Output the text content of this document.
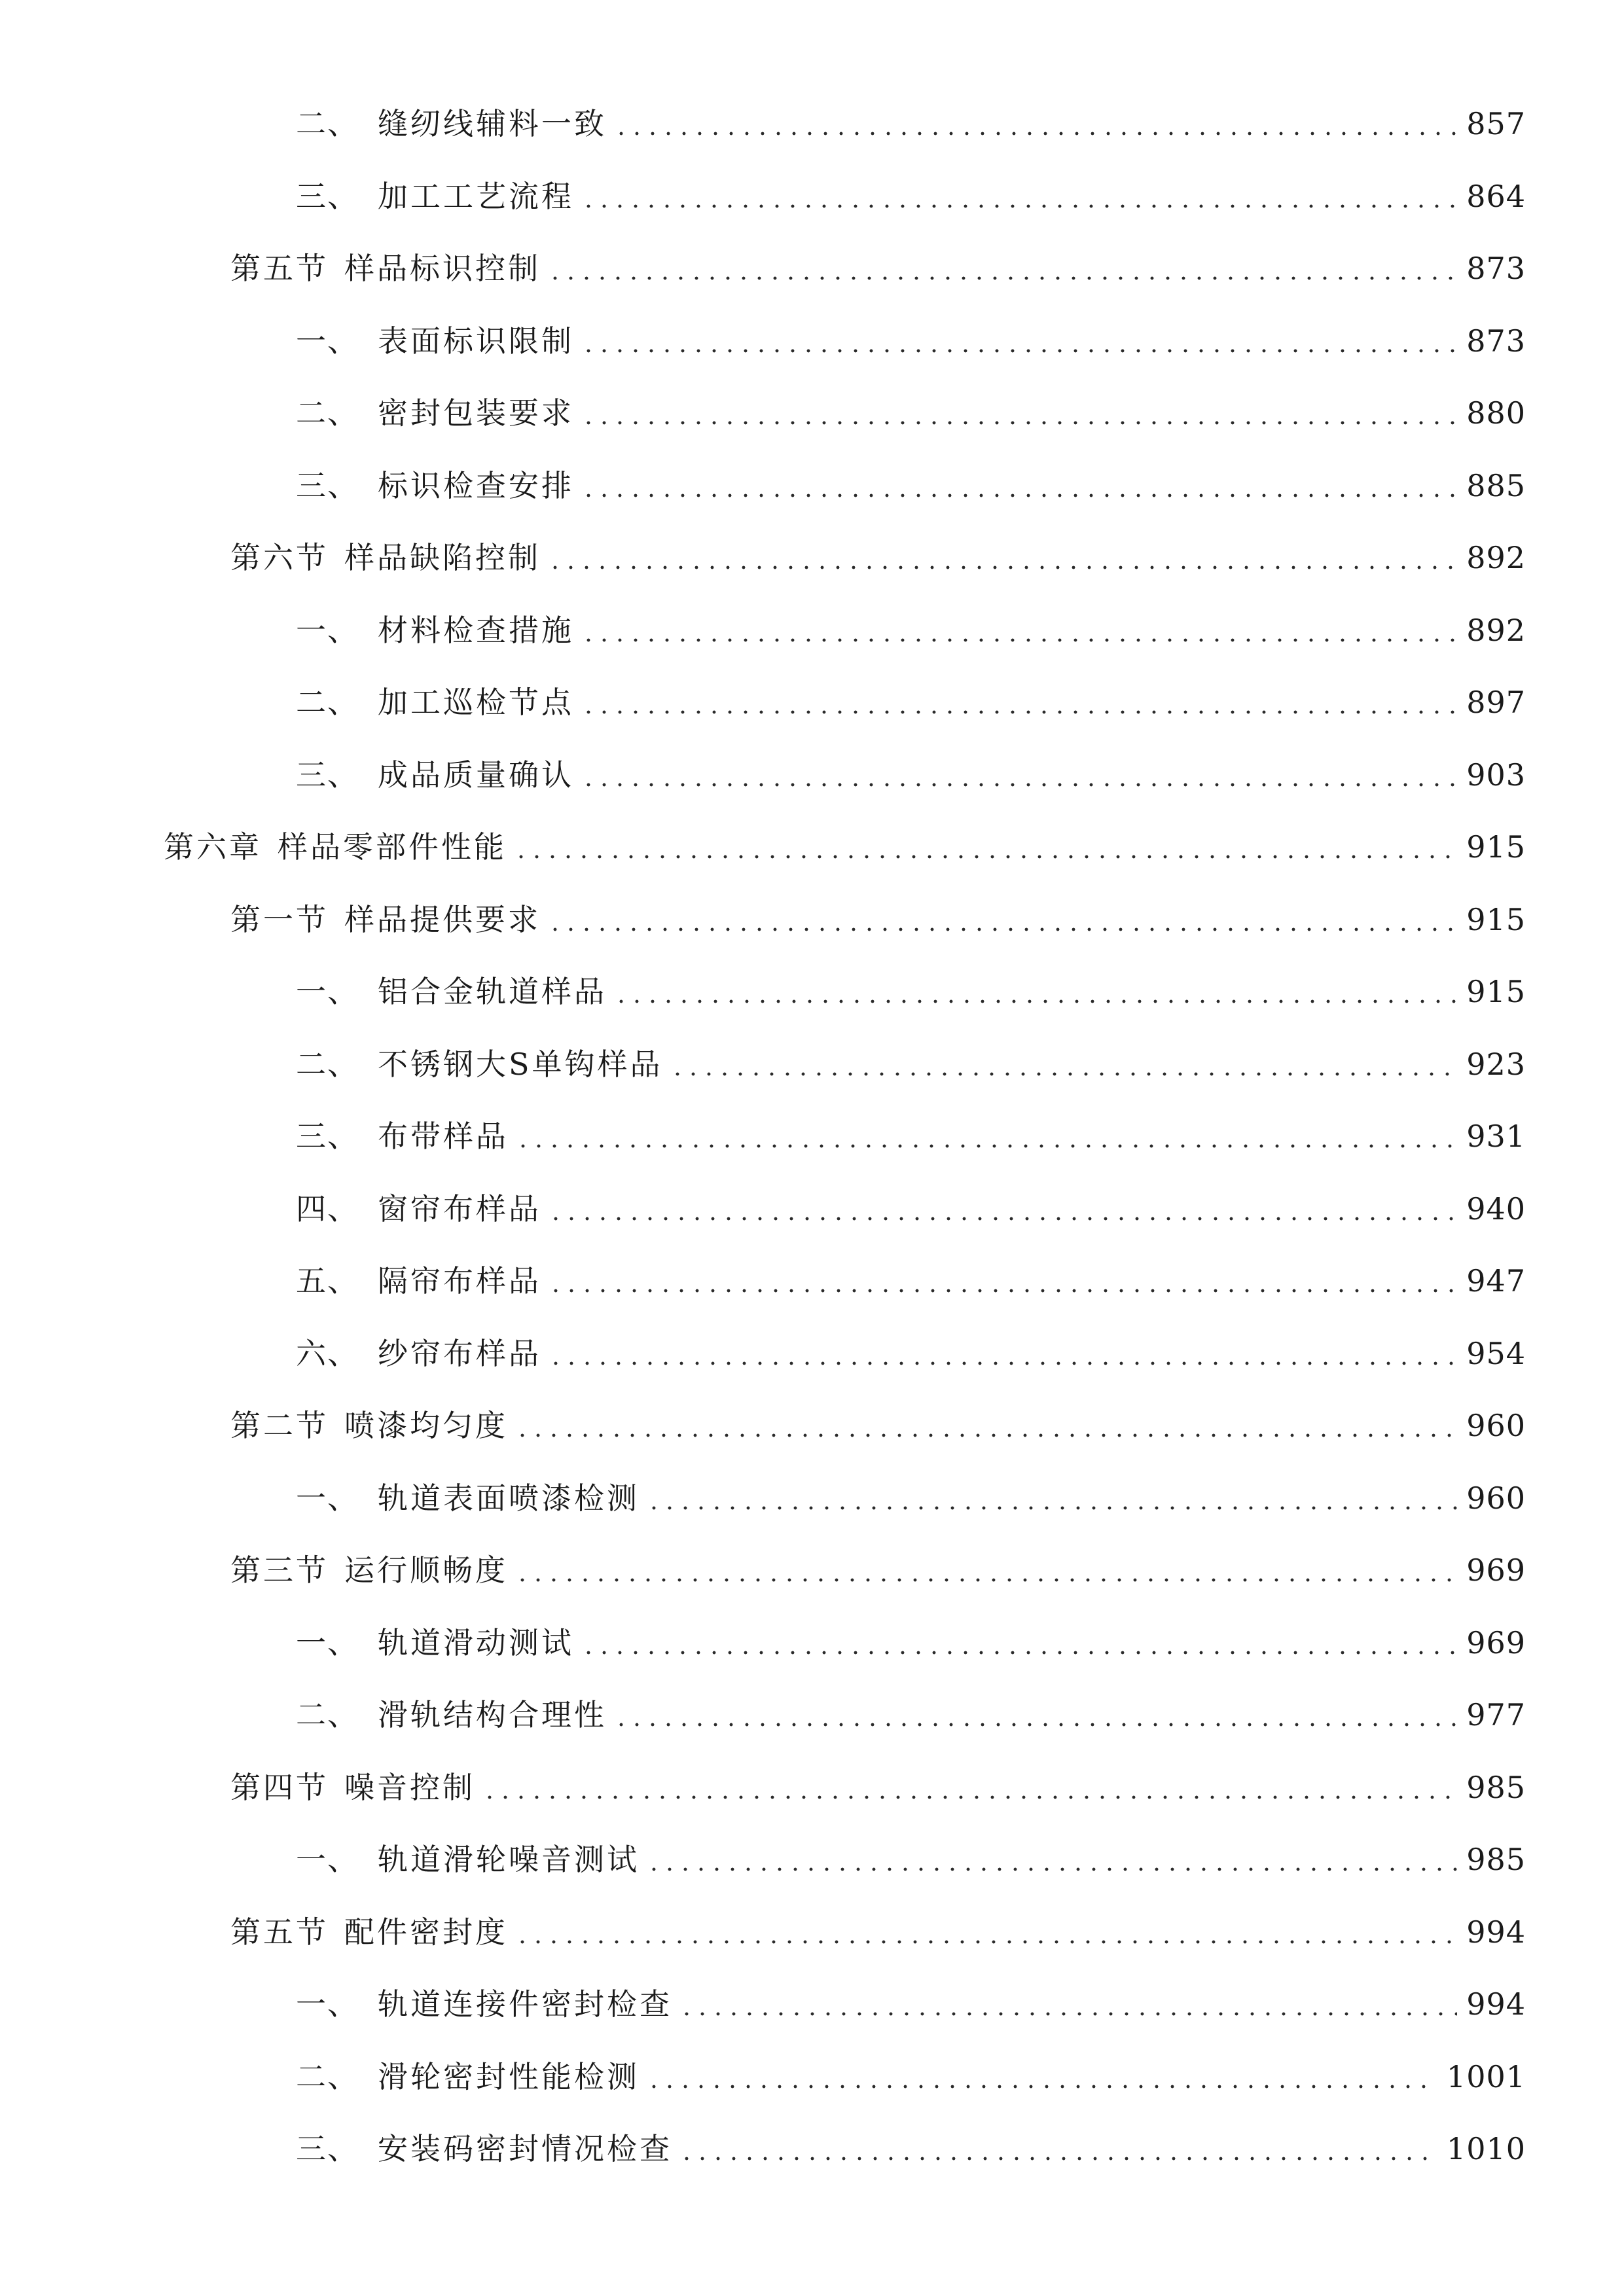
二、 缝纫线辅料一致	857
三、 加工工艺流程	864
第五节 样品标识控制	873
一、 表面标识限制	873
二、 密封包装要求	880
三、 标识检查安排	885
第六节 样品缺陷控制	892
一、 材料检查措施	892
二、 加工巡检节点	897
三、 成品质量确认	903
第六章 样品零部件性能	915
第一节 样品提供要求	915
一、 铝合金轨道样品	915
二、 不锈钢大S单钩样品	923
三、 布带样品	931
四、 窗帘布样品	940
五、 隔帘布样品	947
六、 纱帘布样品	954
第二节 喷漆均匀度	960
一、 轨道表面喷漆检测	960
第三节 运行顺畅度	969
一、 轨道滑动测试	969
二、 滑轨结构合理性	977
第四节 噪音控制	985
一、 轨道滑轮噪音测试	985
第五节 配件密封度	994
一、 轨道连接件密封检查	994
二、 滑轮密封性能检测	1001
三、 安装码密封情况检查	1010
